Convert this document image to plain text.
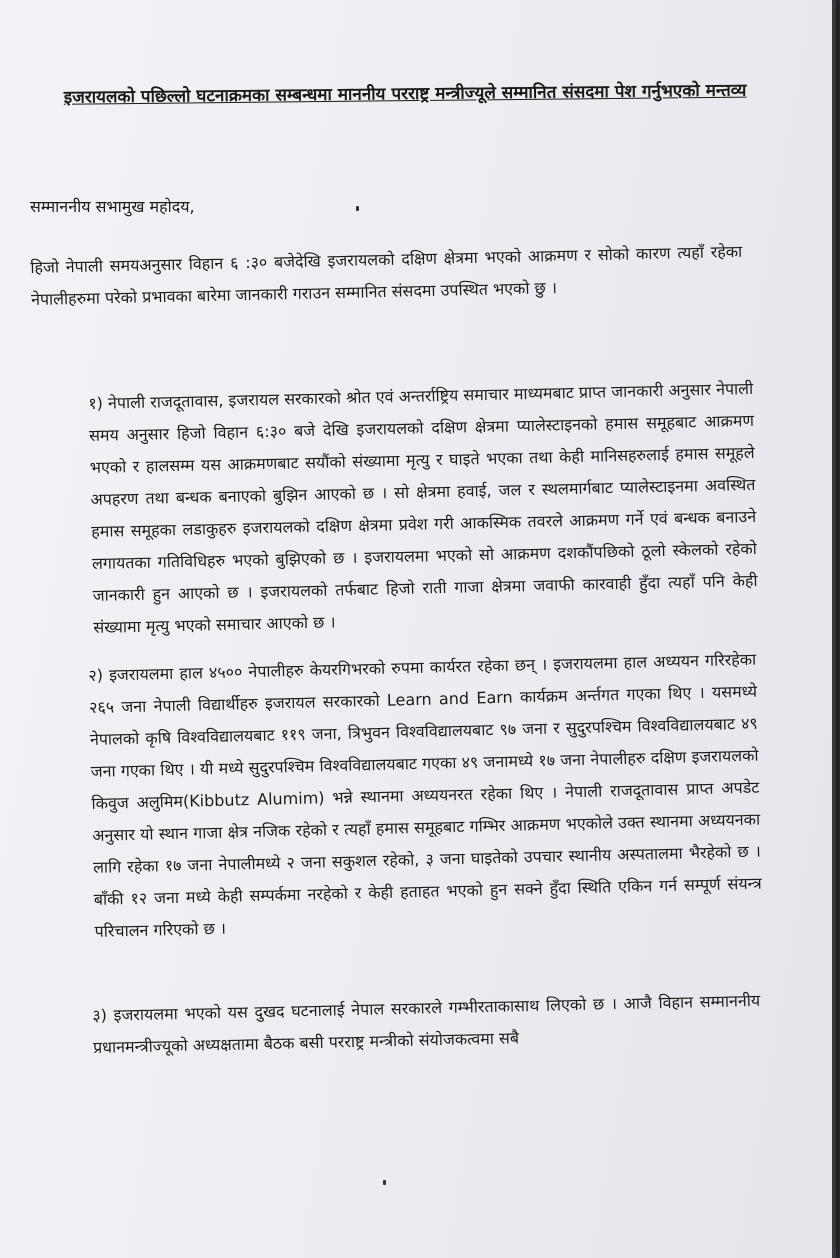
इजरायलको पछिल्लो घटनाक्रमका सम्बन्धमा माननीय परराष्ट्र मन्त्रीज्यूले सम्मानित संसदमा पेश गर्नुभएको मन्तव्य
सम्माननीय सभामुख महोदय,
हिजो नेपाली समयअनुसार विहान ६ :३० बजेदेखि इजरायलको दक्षिण क्षेत्रमा भएको आक्रमण र सोको कारण त्यहाँ रहेका नेपालीहरुमा परेको प्रभावका बारेमा जानकारी गराउन सम्मानित संसदमा उपस्थित भएको छु ।
१) नेपाली राजदूतावास, इजरायल सरकारको श्रोत एवं अन्तर्राष्ट्रिय समाचार माध्यमबाट प्राप्त जानकारी अनुसार नेपाली समय अनुसार हिजो विहान ६:३० बजे देखि इजरायलको दक्षिण क्षेत्रमा प्यालेस्टाइनको हमास समूहबाट आक्रमण भएको र हालसम्म यस आक्रमणबाट सयौंको संख्यामा मृत्यु र घाइते भएका तथा केही मानिसहरुलाई हमास समूहले अपहरण तथा बन्धक बनाएको बुझिन आएको छ । सो क्षेत्रमा हवाई, जल र स्थलमार्गबाट प्यालेस्टाइनमा अवस्थित हमास समूहका लडाकुहरु इजरायलको दक्षिण क्षेत्रमा प्रवेश गरी आकस्मिक तवरले आक्रमण गर्ने एवं बन्धक बनाउने लगायतका गतिविधिहरु भएको बुझिएको छ । इजरायलमा भएको सो आक्रमण दशकौंपछिको ठूलो स्केलको रहेको जानकारी हुन आएको छ । इजरायलको तर्फबाट हिजो राती गाजा क्षेत्रमा जवाफी कारवाही हुँदा त्यहाँ पनि केही संख्यामा मृत्यु भएको समाचार आएको छ ।
२) इजरायलमा हाल ४५०० नेपालीहरु केयरगिभरको रुपमा कार्यरत रहेका छन् । इजरायलमा हाल अध्ययन गरिरहेका २६५ जना नेपाली विद्यार्थीहरु इजरायल सरकारको Learn and Earn कार्यक्रम अर्न्तगत गएका थिए । यसमध्ये नेपालको कृषि विश्वविद्यालयबाट ११९ जना, त्रिभुवन विश्वविद्यालयबाट ९७ जना र सुदुरपश्चिम विश्वविद्यालयबाट ४९ जना गएका थिए । यी मध्ये सुदुरपश्चिम विश्वविद्यालयबाट गएका ४९ जनामध्ये १७ जना नेपालीहरु दक्षिण इजरायलको किवुज अलुमिम(Kibbutz Alumim) भन्ने स्थानमा अध्ययनरत रहेका थिए । नेपाली राजदूतावास प्राप्त अपडेट अनुसार यो स्थान गाजा क्षेत्र नजिक रहेको र त्यहाँ हमास समूहबाट गम्भिर आक्रमण भएकोले उक्त स्थानमा अध्ययनका लागि रहेका १७ जना नेपालीमध्ये २ जना सकुशल रहेको, ३ जना घाइतेको उपचार स्थानीय अस्पतालमा भैरहेको छ । बाँकी १२ जना मध्ये केही सम्पर्कमा नरहेको र केही हताहत भएको हुन सक्ने हुँदा स्थिति एकिन गर्न सम्पूर्ण संयन्त्र परिचालन गरिएको छ ।
३) इजरायलमा भएको यस दुखद घटनालाई नेपाल सरकारले गम्भीरताकासाथ लिएको छ । आजै विहान सम्माननीय प्रधानमन्त्रीज्यूको अध्यक्षतामा बैठक बसी परराष्ट्र मन्त्रीको संयोजकत्वमा सबै
